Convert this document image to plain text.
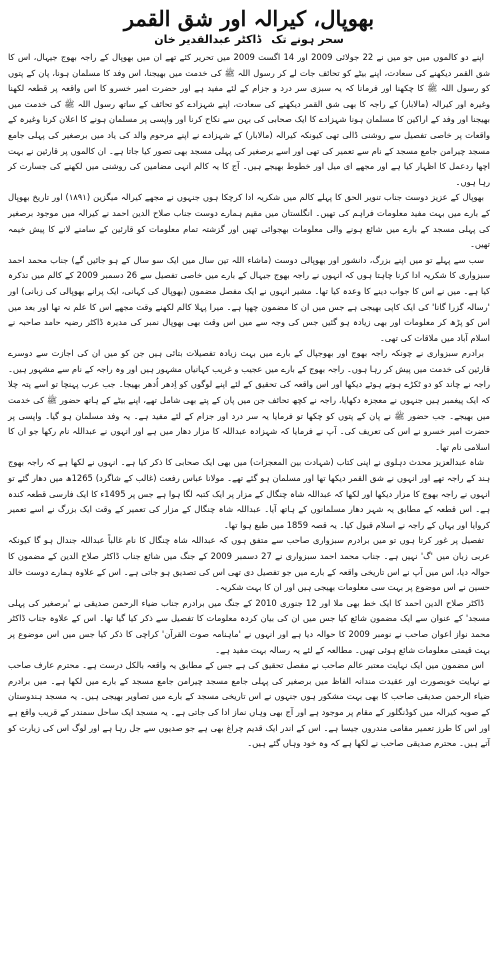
بھوپال، کیرالہ اور شق القمر
سحر ہونے تک
ڈاکٹر عبدالقدیر خان

اپنے دو کالموں میں جو میں نے 22 جولائی 2009 اور 14 اگست 2009 میں تحریر کئے تھے ان میں بھوپال کے راجہ بھوج جیہال، اس کا شق القمر دیکھنے کی سعادت، اپنے بیٹے کو تحائف جات لے کر رسول اللہ ﷺ کی خدمت میں بھیجنا، اس وفد کا مسلمان ہونا، پان کے پتوں کو رسول اللہ ﷺ کا چکھنا اور فرمانا کہ یہ سبزی سر درد و جزام کے لئے مفید ہے اور حضرت امیر خسرو کا اس واقعہ پر قطعہ لکھنا وغیرہ اور کیرالہ (مالابار) کے راجہ کا بھی شق القمر دیکھنے کی سعادت، اپنے شہزادے کو تحائف کے ساتھ رسول اللہ ﷺ کی خدمت میں بھیجنا اور وفد کے اراکین کا مسلمان ہونا شہزادے کا ایک صحابی کی بہن سے نکاح کرنا اور واپسی پر مسلمان ہونے کا اعلان کرنا وغیرہ کے واقعات پر خاصی تفصیل سے روشنی ڈالی تھی کیونکہ کیرالہ (مالابار) کے شہزادے نے اپنے مرحوم والد کی یاد میں برصغیر کی پہلی جامع مسجد چیرامن جامع مسجد کے نام سے تعمیر کی تھی اور اسے برصغیر کی پہلی مسجد بھی تصور کیا جاتا ہے۔ ان کالموں پر قارئین نے بہت اچھا ردعمل کا اظہار کیا ہے اور مجھے ای میل اور خطوط بھیجے ہیں۔ آج کا یہ کالم انہی مضامین کی روشنی میں لکھنے کی جسارت کر رہا ہوں۔

بھوپال کے عزیز دوست جناب تنویر الحق کا پہلے کالم میں شکریہ ادا کرچکا ہوں جنہوں نے مجھے کیرالہ میگزین (۱۸۹۱) اور تاریخ بھوپال کے بارے میں بہت مفید معلومات فراہم کی تھیں۔ انگلستان میں مقیم ہمارے دوست جناب صلاح الدین احمد نے کیرالہ میں موجود برصغیر کی پہلی مسجد کے بارے میں شائع ہونے والی معلومات بھجوائی تھیں اور گزشتہ تمام معلومات کو قارئین کے سامنے لانے کا پیش خیمہ تھیں۔

سب سے پہلے تو میں اپنے بزرگ، دانشور اور بھوپالی دوست (ماشاء اللہ تین سال میں ایک سو سال کے ہو جائیں گے) جناب محمد احمد سبزواری کا شکریہ ادا کرنا چاہتا ہوں کہ انہوں نے راجہ بھوج جیہال کے بارے میں خاصی تفصیل سے 26 دسمبر 2009 کے کالم میں تذکرہ کیا ہے۔ میں نے اس کا جواب دینے کا وعدہ کیا تھا۔ مشیر انہوں نے ایک مفصل مضمون (بھوپال کی کہانی، ایک پرانے بھوپالی کی زبانی) اور 'رسالہ گزرا گانا' کی ایک کاپی بھیجی ہے جس میں ان کا مضمون چھپا ہے۔ میرا پہلا کالم لکھنے وقت مجھے اس کا علم نہ تھا اور بعد میں اس کو پڑھ کر معلومات اور بھی زیادہ ہو گئیں جس کی وجہ سے میں اس وقت بھی بھوپال نمبر کی مدیرہ ڈاکٹر رضیہ حامد صاحبہ نے اسلام آباد میں ملاقات کی تھی۔

برادرم سبزواری نے چونکہ راجہ بھوج اور بھوجپال کے بارے میں بہت زیادہ تفصیلات بتائی ہیں جن کو میں ان کی اجازت سے دوسرے قارئین کی خدمت میں پیش کر رہا ہوں۔ راجہ بھوج کے بارے میں عجیب و غریب کہانیاں مشہور ہیں اور وہ راجہ کے نام سے مشہور ہیں۔ راجہ نے چاند کو دو ٹکڑے ہوتے ہوئے دیکھا اور اس واقعہ کی تحقیق کے لئے اپنے لوگوں کو اِدھر اُدھر بھیجا۔ جب عرب پہنچا تو اسے پتہ چلا کہ ایک پیغمبر ہیں جنہوں نے معجزہ دکھایا، راجہ نے کچھ تحائف جن میں پان کے پتے بھی شامل تھے، اپنے بیٹے کے ہاتھ حضور ﷺ کی خدمت میں بھیجے۔ جب حضور ﷺ نے پان کے پتوں کو چکھا تو فرمایا یہ سر درد اور جزام کے لئے مفید ہے۔ یہ وفد مسلمان ہو گیا۔ واپسی پر حضرت امیر خسرو نے اس کی تعریف کی۔ آپ نے فرمایا کہ شہزادہ عبداللہ کا مزار دھار میں ہے اور انہوں نے عبداللہ نام رکھا جو ان کا اسلامی نام تھا۔

شاہ عبدالعزیز محدث دہلوی نے اپنی کتاب (شہادت بین المعجزات) میں بھی ایک صحابی کا ذکر کیا ہے۔ انہوں نے لکھا ہے کہ راجہ بھوج ہند کے راجہ تھے اور انہوں نے شق القمر دیکھا تھا اور مسلمان ہو گئے تھے۔ مولانا عباس رفعت (غالب کے شاگرد) 1265ھ میں دھار گئے تو انہوں نے راجہ بھوج کا مزار دیکھا اور لکھا کہ عبداللہ شاہ چنگال کے مزار پر ایک کتبہ لگا ہوا ہے جس پر 1495ء کا ایک فارسی قطعہ کندہ ہے۔ اس قطعہ کے مطابق یہ شہر دھار مسلمانوں کے ہاتھ آیا۔ عبداللہ شاہ چنگال کے مزار کی تعمیر کے وقت ایک بزرگ نے اسے تعمیر کروایا اور یہاں کے راجہ نے اسلام قبول کیا۔ یہ قصہ 1859 میں طبع ہوا تھا۔

تفصیل پر غور کرتا ہوں تو میں برادرم سبزواری صاحب سے متفق ہوں کہ عبداللہ شاہ چنگال کا نام غالباً عبداللہ جندال ہو گا کیونکہ عربی زبان میں 'گ' نہیں ہے۔ جناب محمد احمد سبزواری نے 27 دسمبر 2009 کے جنگ میں شائع جناب ڈاکٹر صلاح الدین کے مضمون کا حوالہ دیا، اس میں آپ نے اس تاریخی واقعہ کے بارے میں جو تفصیل دی تھی اس کی تصدیق ہو جاتی ہے۔ اس کے علاوہ ہمارے دوست خالد حسین نے اس موضوع پر بہت سی معلومات بھیجی ہیں اور ان کا بہت شکریہ۔

ڈاکٹر صلاح الدین احمد کا ایک خط بھی ملا اور 12 جنوری 2010 کے جنگ میں برادرم جناب ضیاء الرحمن صدیقی نے 'برصغیر کی پہلی مسجد' کے عنوان سے ایک مضمون شائع کیا جس میں ان کی بیان کردہ معلومات کا تفصیل سے ذکر کیا گیا تھا۔ اس کے علاوہ جناب ڈاکٹر محمد نواز اعوان صاحب نے نومبر 2009 کا حوالہ دیا ہے اور انہوں نے 'ماہنامہ صوت القرآن' کراچی کا ذکر کیا جس میں اس موضوع پر بہت قیمتی معلومات شائع ہوئی تھیں۔ مطالعہ کے لئے یہ رسالہ بہت مفید ہے۔

اس مضمون میں ایک نہایت معتبر عالم صاحب نے مفصل تحقیق کی ہے جس کے مطابق یہ واقعہ بالکل درست ہے۔ محترم عارف صاحب نے نہایت خوبصورت اور عقیدت مندانہ الفاظ میں برصغیر کی پہلی جامع مسجد چیرامن جامع مسجد کے بارے میں لکھا ہے۔ میں برادرم ضیاء الرحمن صدیقی صاحب کا بھی بہت مشکور ہوں جنہوں نے اس تاریخی مسجد کے بارے میں تصاویر بھیجی ہیں۔ یہ مسجد ہندوستان کے صوبہ کیرالہ میں کوڈنگلور کے مقام پر موجود ہے اور آج بھی وہاں نماز ادا کی جاتی ہے۔ یہ مسجد ایک ساحل سمندر کے قریب واقع ہے اور اس کا طرز تعمیر مقامی مندروں جیسا ہے۔ اس کے اندر ایک قدیم چراغ بھی ہے جو صدیوں سے جل رہا ہے اور لوگ اس کی زیارت کو آتے ہیں۔ محترم صدیقی صاحب نے لکھا ہے کہ وہ خود وہاں گئے ہیں۔
